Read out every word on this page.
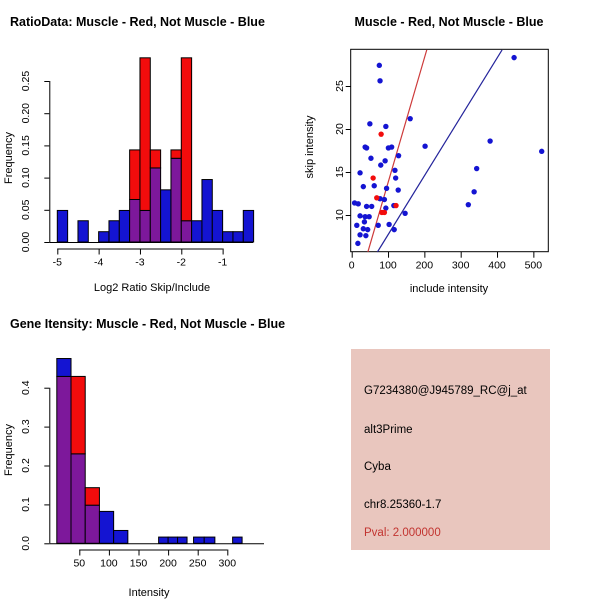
0.00
0.05
0.10
0.15
0.20
0.25
-5	-4	-3	-2	-1
0.0
0.1
0.2
0.3
0.4
50 100 150 200 250 300
0 100 200 300 400 500
10
15
20
25
RatioData: Muscle - Red, Not Muscle - Blue
Log2 Ratio Skip/Include
Frequency
Muscle - Red, Not Muscle - Blue
include intensity
skip intensity
Gene Itensity: Muscle - Red, Not Muscle - Blue
Intensity
Frequency
G7234380@J945789_RC@j_at
alt3Prime
Cyba
chr8.25360-1.7
Pval: 2.000000
